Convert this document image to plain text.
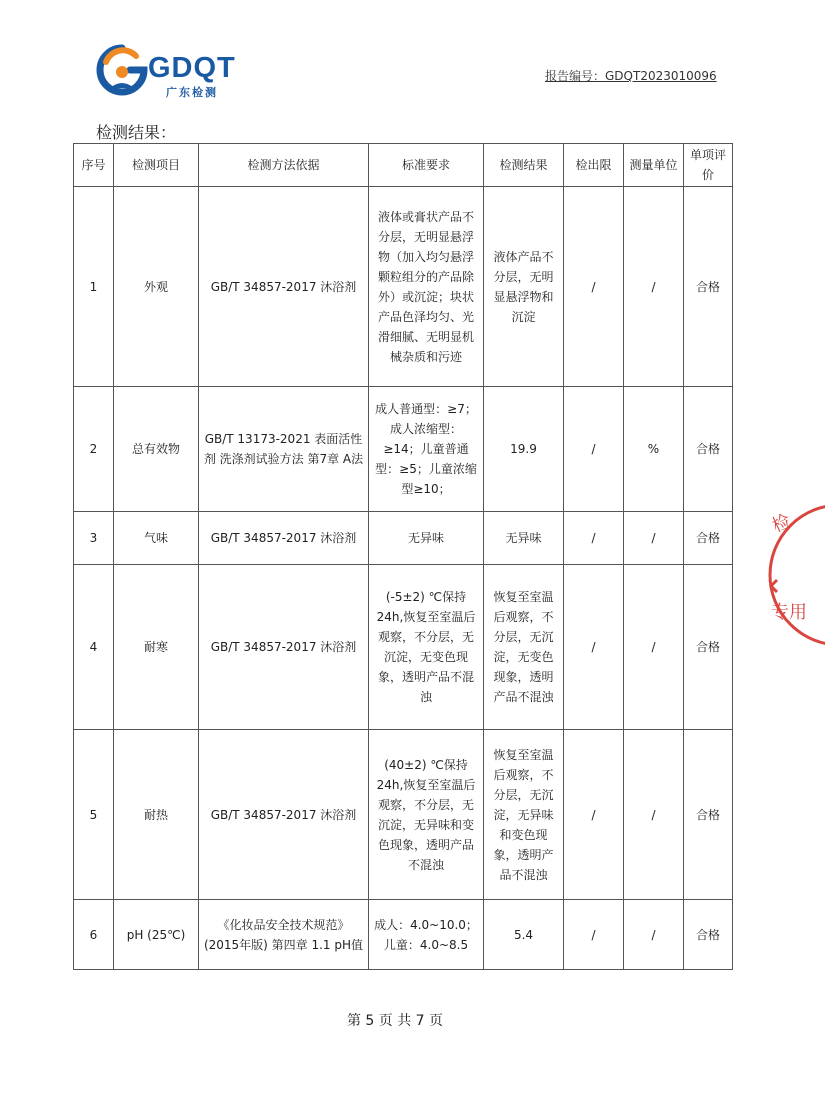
GDQT
广东检测
报告编号：GDQT2023010096
检测结果：
序号	检测项目	检测方法依据	标准要求	检测结果	检出限	测量单位	单项评价
1	外观	GB/T 34857-2017 沐浴剂	液体或膏状产品不分层，无明显悬浮物（加入均匀悬浮颗粒组分的产品除外）或沉淀；块状产品色泽均匀、光滑细腻、无明显机械杂质和污迹	液体产品不分层，无明显悬浮物和沉淀	/	/	合格
2	总有效物	GB/T 13173-2021 表面活性剂 洗涤剂试验方法 第7章 A法	成人普通型：≥7；成人浓缩型：≥14；儿童普通型：≥5；儿童浓缩型≥10；	19.9	/	%	合格
3	气味	GB/T 34857-2017 沐浴剂	无异味	无异味	/	/	合格
4	耐寒	GB/T 34857-2017 沐浴剂	(-5±2) ℃保持24h,恢复至室温后观察，不分层，无沉淀，无变色现象，透明产品不混浊	恢复至室温后观察，不分层，无沉淀，无变色现象，透明产品不混浊	/	/	合格
5	耐热	GB/T 34857-2017 沐浴剂	(40±2) ℃保持24h,恢复至室温后观察，不分层，无沉淀，无异味和变色现象，透明产品不混浊	恢复至室温后观察，不分层，无沉淀，无异味和变色现象，透明产品不混浊	/	/	合格
6	pH (25℃)	《化妆品安全技术规范》(2015年版) 第四章 1.1 pH值	成人：4.0~10.0；儿童：4.0~8.5	5.4	/	/	合格
检
专用
第 5 页 共 7 页
